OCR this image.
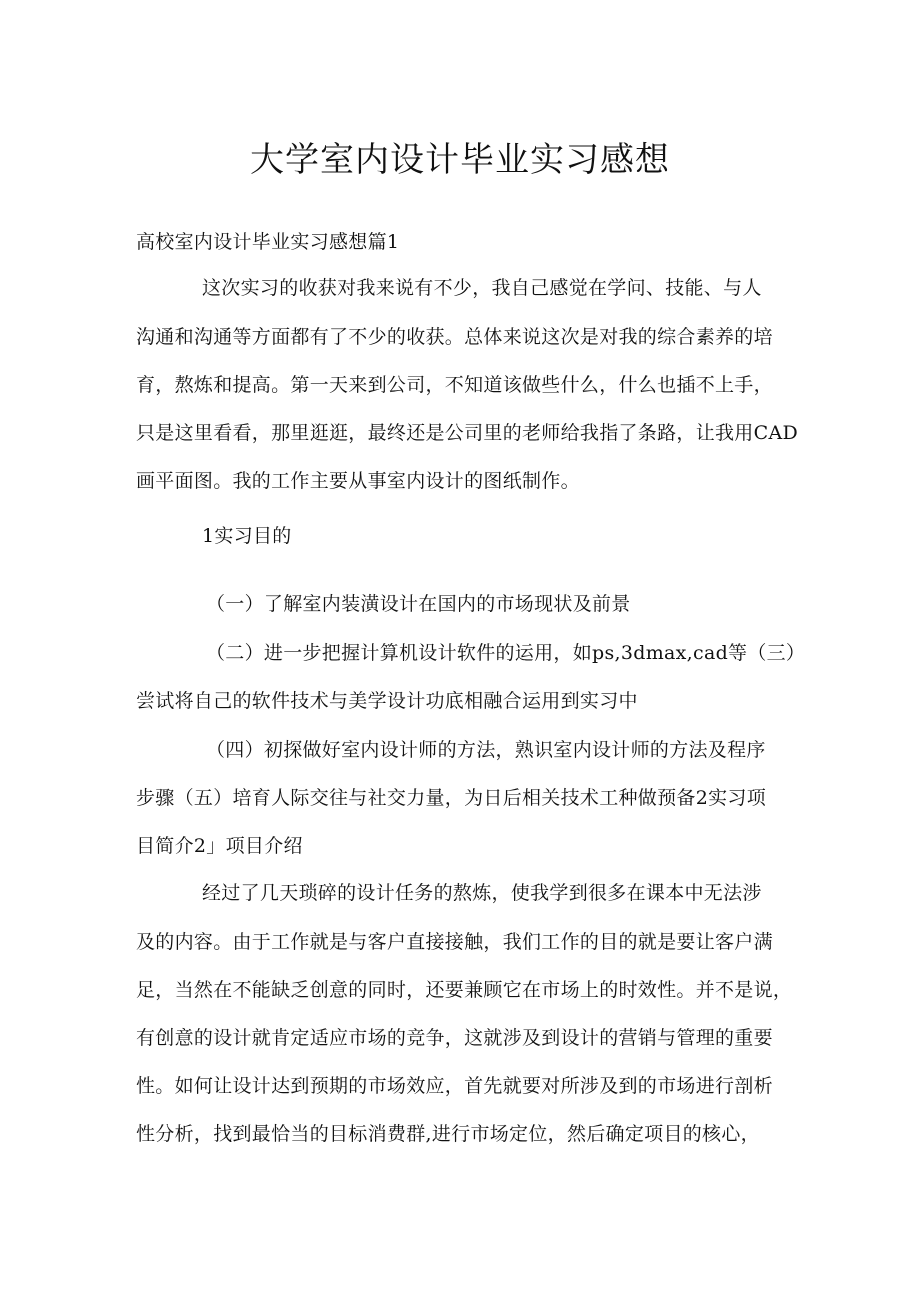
大学室内设计毕业实习感想
高校室内设计毕业实习感想篇1
这次实习的收获对我来说有不少，我自己感觉在学问、技能、与人
沟通和沟通等方面都有了不少的收获。总体来说这次是对我的综合素养的培
育，熬炼和提高。第一天来到公司，不知道该做些什么，什么也插不上手，
只是这里看看，那里逛逛，最终还是公司里的老师给我指了条路，让我用CAD
画平面图。我的工作主要从事室内设计的图纸制作。
1实习目的
（一）了解室内装潢设计在国内的市场现状及前景
（二）进一步把握计算机设计软件的运用，如ps,3dmax,cad等（三）
尝试将自己的软件技术与美学设计功底相融合运用到实习中
（四）初探做好室内设计师的方法，熟识室内设计师的方法及程序
步骤（五）培育人际交往与社交力量，为日后相关技术工种做预备2实习项
目简介2」项目介绍
经过了几天琐碎的设计任务的熬炼，使我学到很多在课本中无法涉
及的内容。由于工作就是与客户直接接触，我们工作的目的就是要让客户满
足，当然在不能缺乏创意的同时，还要兼顾它在市场上的时效性。并不是说，
有创意的设计就肯定适应市场的竞争，这就涉及到设计的营销与管理的重要
性。如何让设计达到预期的市场效应，首先就要对所涉及到的市场进行剖析
性分析，找到最恰当的目标消费群,进行市场定位，然后确定项目的核心，
